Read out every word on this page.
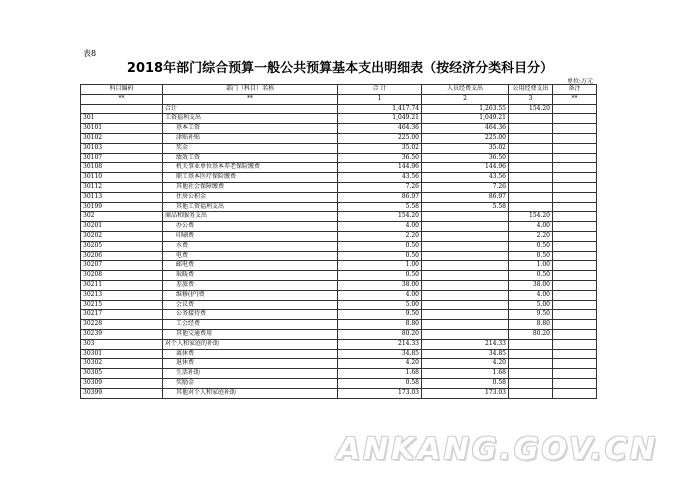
表8
2018年部门综合预算一般公共预算基本支出明细表（按经济分类科目分）
单位:万元
科目编码	部门（科目）名称	合 计	人员经费支出	公用经费支出	备注
**	**	1	2	3	**
	合计	1,417.74	1,263.55	154.20	
301	工资福利支出	1,049.21	1,049.21		
30101	基本工资	464.36	464.36		
30102	津贴补贴	225.00	225.00		
30103	奖金	35.02	35.02		
30107	绩效工资	36.50	36.50		
30108	机关事业单位基本养老保险缴费	144.96	144.96		
30110	职工基本医疗保险缴费	43.56	43.56		
30112	其他社会保障缴费	7.26	7.26		
30113	住房公积金	86.97	86.97		
30199	其他工资福利支出	5.58	5.58		
302	商品和服务支出	154.20		154.20	
30201	办公费	4.00		4.00	
30202	印刷费	2.20		2.20	
30205	水费	0.50		0.50	
30206	电费	0.50		0.50	
30207	邮电费	1.00		1.00	
30208	取暖费	0.50		0.50	
30211	差旅费	38.00		38.00	
30213	维修(护)费	4.00		4.00	
30215	会议费	5.00		5.00	
30217	公务接待费	9.50		9.50	
30228	工会经费	8.80		8.80	
30239	其他交通费用	80.20		80.20	
303	对个人和家庭的补助	214.33	214.33		
30301	离休费	34.85	34.85		
30302	退休费	4.20	4.20		
30305	生活补助	1.68	1.68		
30309	奖励金	0.58	0.58		
30399	其他对个人和家庭补助	173.03	173.03		
ANKANG.GOV.CN
